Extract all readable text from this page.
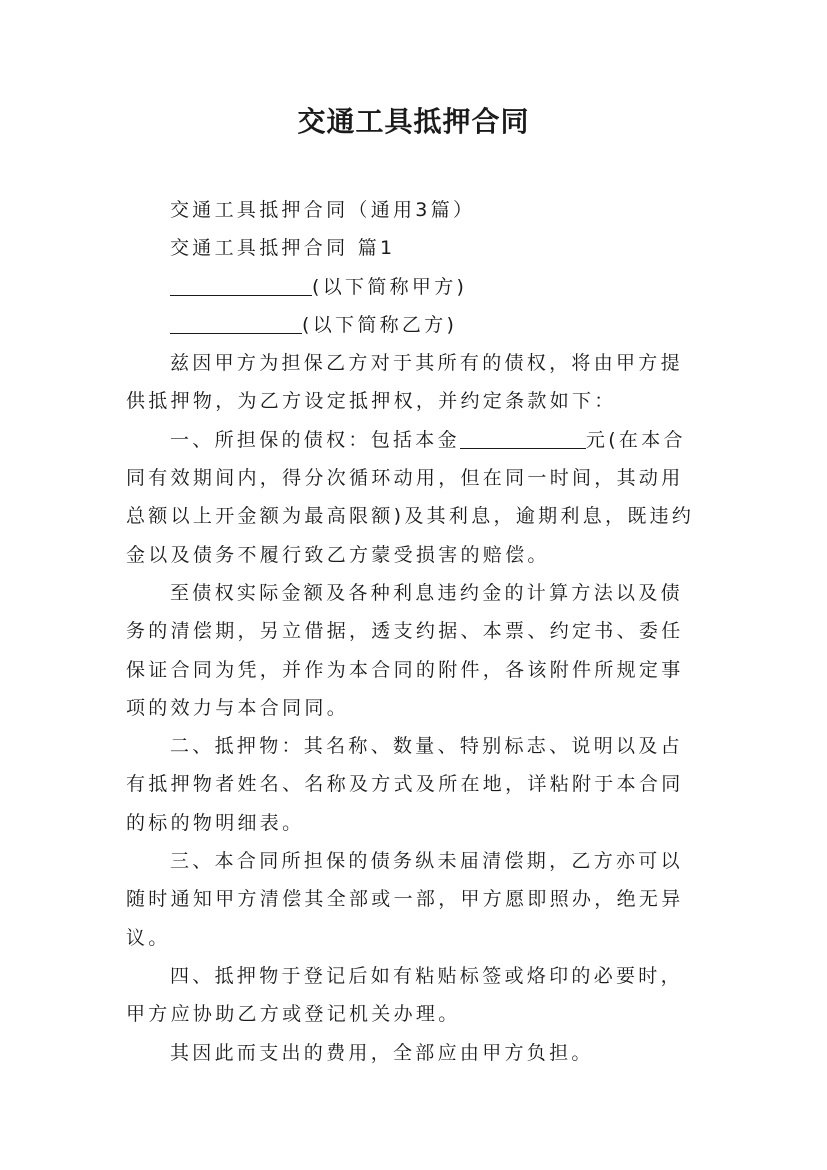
交通工具抵押合同

交通工具抵押合同（通用3篇）

交通工具抵押合同 篇1

(以下简称甲方)

(以下简称乙方)

兹因甲方为担保乙方对于其所有的债权，将由甲方提供抵押物，为乙方设定抵押权，并约定条款如下：

一、所担保的债权：包括本金	元(在本合同有效期间内，得分次循环动用，但在同一时间，其动用总额以上开金额为最高限额)及其利息，逾期利息，既违约金以及债务不履行致乙方蒙受损害的赔偿。

至债权实际金额及各种利息违约金的计算方法以及债务的清偿期，另立借据，透支约据、本票、约定书、委任保证合同为凭，并作为本合同的附件，各该附件所规定事项的效力与本合同同。

二、抵押物：其名称、数量、特别标志、说明以及占有抵押物者姓名、名称及方式及所在地，详粘附于本合同的标的物明细表。

三、本合同所担保的债务纵未届清偿期，乙方亦可以随时通知甲方清偿其全部或一部，甲方愿即照办，绝无异议。

四、抵押物于登记后如有粘贴标签或烙印的必要时，甲方应协助乙方或登记机关办理。

其因此而支出的费用，全部应由甲方负担。
